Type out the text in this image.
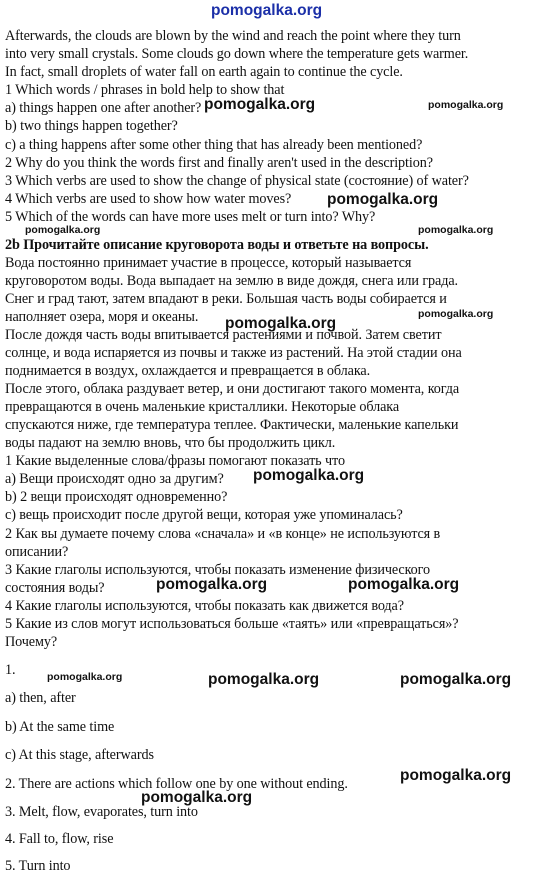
pomogalka.org
pomogalka.org	pomogalka.org
pomogalka.org
pomogalka.org	pomogalka.org
pomogalka.org
pomogalka.org
pomogalka.org
pomogalka.org	pomogalka.org
pomogalka.org	pomogalka.org	pomogalka.org
pomogalka.org
pomogalka.org
Afterwards, the clouds are blown by the wind and reach the point where they turn
into very small crystals. Some clouds go down where the temperature gets warmer.
In fact, small droplets of water fall on earth again to continue the cycle.
1 Which words / phrases in bold help to show that
a) things happen one after another?
b) two things happen together?
c) a thing happens after some other thing that has already been mentioned?
2 Why do you think the words first and finally aren't used in the description?
3 Which verbs are used to show the change of physical state (состояние) of water?
4 Which verbs are used to show how water moves?
5 Which of the words can have more uses melt or turn into? Why?
2b Прочитайте описание круговорота воды и ответьте на вопросы.
Вода постоянно принимает участие в процессе, который называется
круговоротом воды. Вода выпадает на землю в виде дождя, снега или града.
Снег и град тают, затем впадают в реки. Большая часть воды собирается и
наполняет озера, моря и океаны.
После дождя часть воды впитывается растениями и почвой. Затем светит
солнце, и вода испаряется из почвы и также из растений. На этой стадии она
поднимается в воздух, охлаждается и превращается в облака.
После этого, облака раздувает ветер, и они достигают такого момента, когда
превращаются в очень маленькие кристаллики. Некоторые облака
спускаются ниже, где температура теплее. Фактически, маленькие капельки
воды падают на землю вновь, что бы продолжить цикл.
1 Какие выделенные слова/фразы помогают показать что
а) Вещи происходят одно за другим?
b) 2 вещи происходят одновременно?
с) вещь происходит после другой вещи, которая уже упоминалась?
2 Как вы думаете почему слова «сначала» и «в конце» не используются в
описании?
3 Какие глаголы используются, чтобы показать изменение физического
состояния воды?
4 Какие глаголы используются, чтобы показать как движется вода?
5 Какие из слов могут использоваться больше «таять» или «превращаться»?
Почему?
1.
a) then, after
b) At the same time
c) At this stage, afterwards
2. There are actions which follow one by one without ending.
3. Melt, flow, evaporates, turn into
4. Fall to, flow, rise
5. Turn into
